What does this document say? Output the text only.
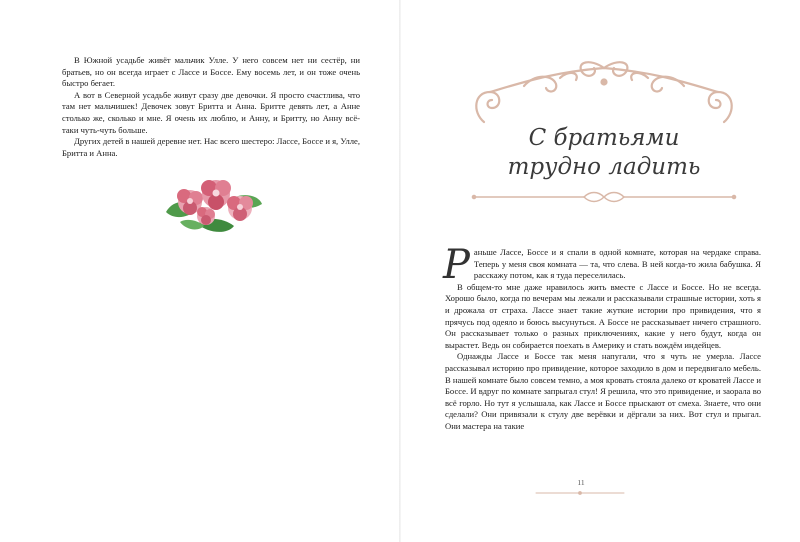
В Южной усадьбе живёт мальчик Улле. У него совсем нет ни сестёр, ни братьев, но он всегда играет с Лассе и Боссе. Ему восемь лет, и он тоже очень быстро бегает.

А вот в Северной усадьбе живут сразу две девочки. Я просто счастлива, что там нет мальчишек! Девочек зовут Бритта и Анна. Бритте девять лет, а Анне столько же, сколько и мне. Я очень их люблю, и Анну, и Бритту, но Анну всё-таки чуть-чуть больше.

Других детей в нашей деревне нет. Нас всего шестеро: Лассе, Боссе и я, Улле, Бритта и Анна.

С братьями
трудно ладить

Раньше Лассе, Боссе и я спали в одной комнате, которая на чердаке справа. Теперь у меня своя комната — та, что слева. В ней когда-то жила бабушка. Я расскажу потом, как я туда переселилась.

В общем-то мне даже нравилось жить вместе с Лассе и Боссе. Но не всегда. Хорошо было, когда по вечерам мы лежали и рассказывали страшные истории, хоть я и дрожала от страха. Лассе знает такие жуткие истории про привидения, что я прячусь под одеяло и боюсь высунуться. А Боссе не рассказывает ничего страшного. Он рассказывает только о разных приключениях, какие у него будут, когда он вырастет. Ведь он собирается поехать в Америку и стать вождём индейцев.

Однажды Лассе и Боссе так меня напугали, что я чуть не умерла. Лассе рассказывал историю про привидение, которое заходило в дом и передвигало мебель. В нашей комнате было совсем темно, а моя кровать стояла далеко от кроватей Лассе и Боссе. И вдруг по комнате запрыгал стул! Я решила, что это привидение, и заорала во всё горло. Но тут я услышала, как Лассе и Боссе прыскают от смеха. Знаете, что они сделали? Они привязали к стулу две верёвки и дёргали за них. Вот стул и прыгал. Они мастера на такие

11
